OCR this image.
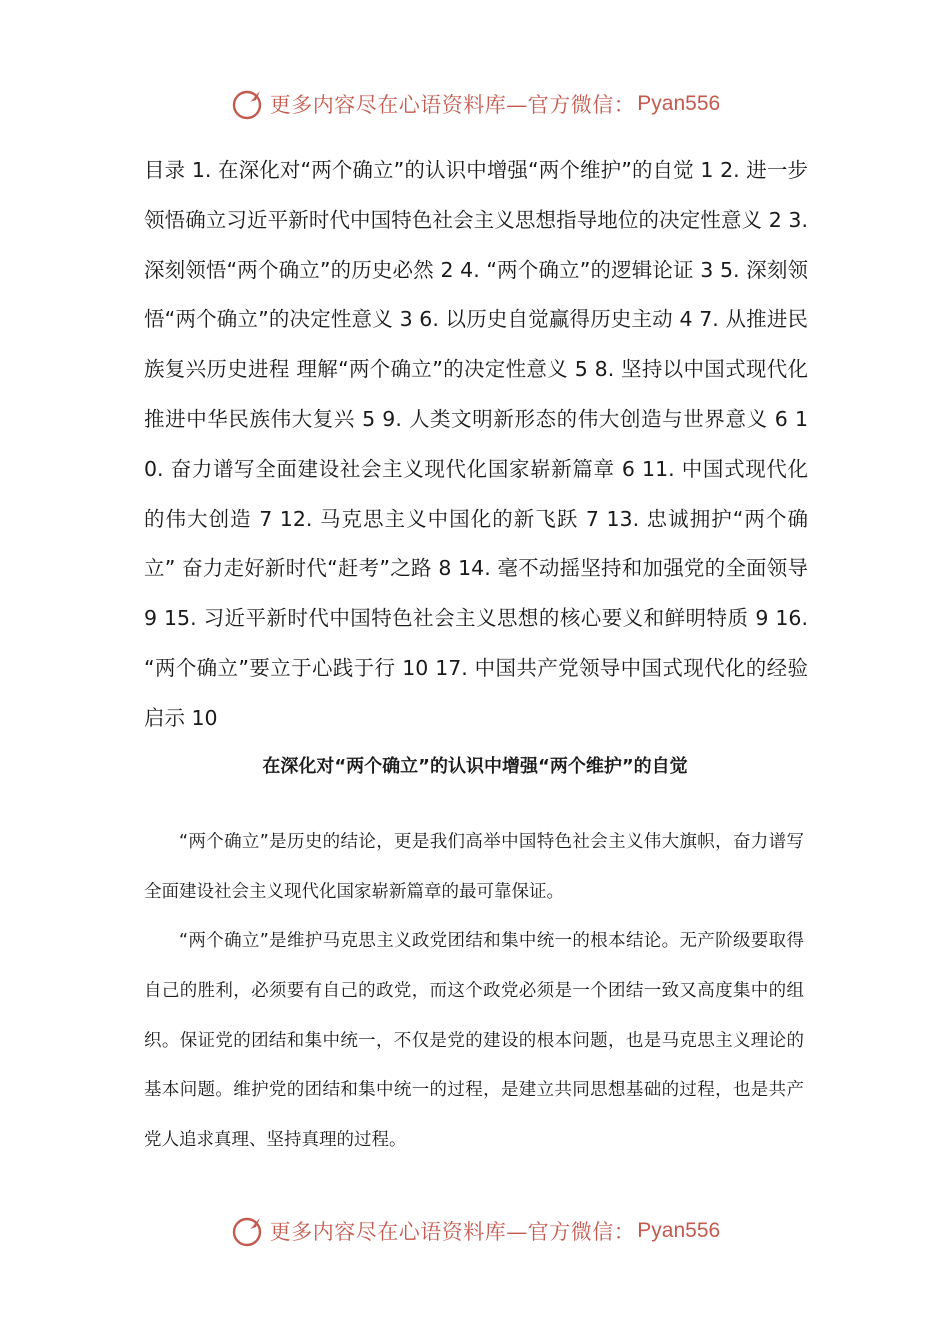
更多内容尽在心语资料库—官方微信： Pyan556

目录 1. 在深化对“两个确立”的认识中增强“两个维护”的自觉 1 2. 进一步领悟确立习近平新时代中国特色社会主义思想指导地位的决定性意义 2 3. 深刻领悟“两个确立”的历史必然 2 4. “两个确立”的逻辑论证 3 5. 深刻领悟“两个确立”的决定性意义 3 6. 以历史自觉赢得历史主动 4 7. 从推进民族复兴历史进程 理解“两个确立”的决定性意义 5 8. 坚持以中国式现代化推进中华民族伟大复兴 5 9. 人类文明新形态的伟大创造与世界意义 6 10. 奋力谱写全面建设社会主义现代化国家崭新篇章 6 11. 中国式现代化的伟大创造 7 12. 马克思主义中国化的新飞跃 7 13. 忠诚拥护“两个确立” 奋力走好新时代“赶考”之路 8 14. 毫不动摇坚持和加强党的全面领导 9 15. 习近平新时代中国特色社会主义思想的核心要义和鲜明特质 9 16. “两个确立”要立于心践于行 10 17. 中国共产党领导中国式现代化的经验启示 10

在深化对“两个确立”的认识中增强“两个维护”的自觉

“两个确立”是历史的结论，更是我们高举中国特色社会主义伟大旗帜，奋力谱写全面建设社会主义现代化国家崭新篇章的最可靠保证。

“两个确立”是维护马克思主义政党团结和集中统一的根本结论。无产阶级要取得自己的胜利，必须要有自己的政党，而这个政党必须是一个团结一致又高度集中的组织。保证党的团结和集中统一，不仅是党的建设的根本问题，也是马克思主义理论的基本问题。维护党的团结和集中统一的过程，是建立共同思想基础的过程，也是共产党人追求真理、坚持真理的过程。

更多内容尽在心语资料库—官方微信： Pyan556
